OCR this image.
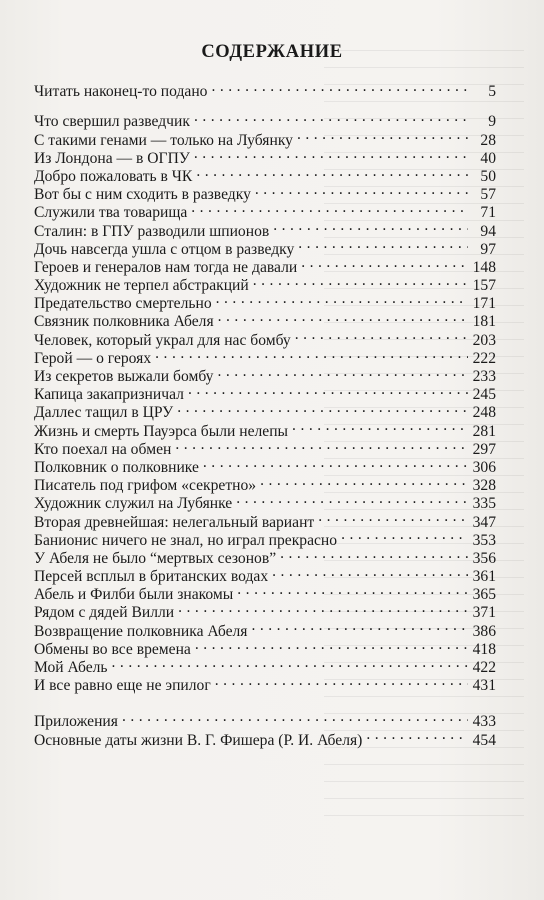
СОДЕРЖАНИЕ
Читать наконец-то подано . . .	5
Что свершил разведчик . . .	9
С такими генами — только на Лубянку . . .	28
Из Лондона — в ОГПУ . . .	40
Добро пожаловать в ЧК . . .	50
Вот бы с ним сходить в разведку . . .	57
Служили тва товарища . . .	71
Сталин: в ГПУ разводили шпионов . . .	94
Дочь навсегда ушла с отцом в разведку . . .	97
Героев и генералов нам тогда не давали . . .	148
Художник не терпел абстракций . . .	157
Предательство смертельно . . .	171
Связник полковника Абеля . . .	181
Человек, который украл для нас бомбу . . .	203
Герой — о героях . . .	222
Из секретов выжали бомбу . . .	233
Капица закапризничал . . .	245
Даллес тащил в ЦРУ . . .	248
Жизнь и смерть Пауэрса были нелепы . . .	281
Кто поехал на обмен . . .	297
Полковник о полковнике . . .	306
Писатель под грифом «секретно» . . .	328
Художник служил на Лубянке . . .	335
Вторая древнейшая: нелегальный вариант . . .	347
Банионис ничего не знал, но играл прекрасно . . .	353
У Абеля не было “мертвых сезонов” . . .	356
Персей всплыл в британских водах . . .	361
Абель и Филби были знакомы . . .	365
Рядом с дядей Вилли . . .	371
Возвращение полковника Абеля . . .	386
Обмены во все времена . . .	418
Мой Абель . . .	422
И все равно еще не эпилог . . .	431
Приложения . . .	433
Основные даты жизни В. Г. Фишера (Р. И. Абеля) . . .	454
